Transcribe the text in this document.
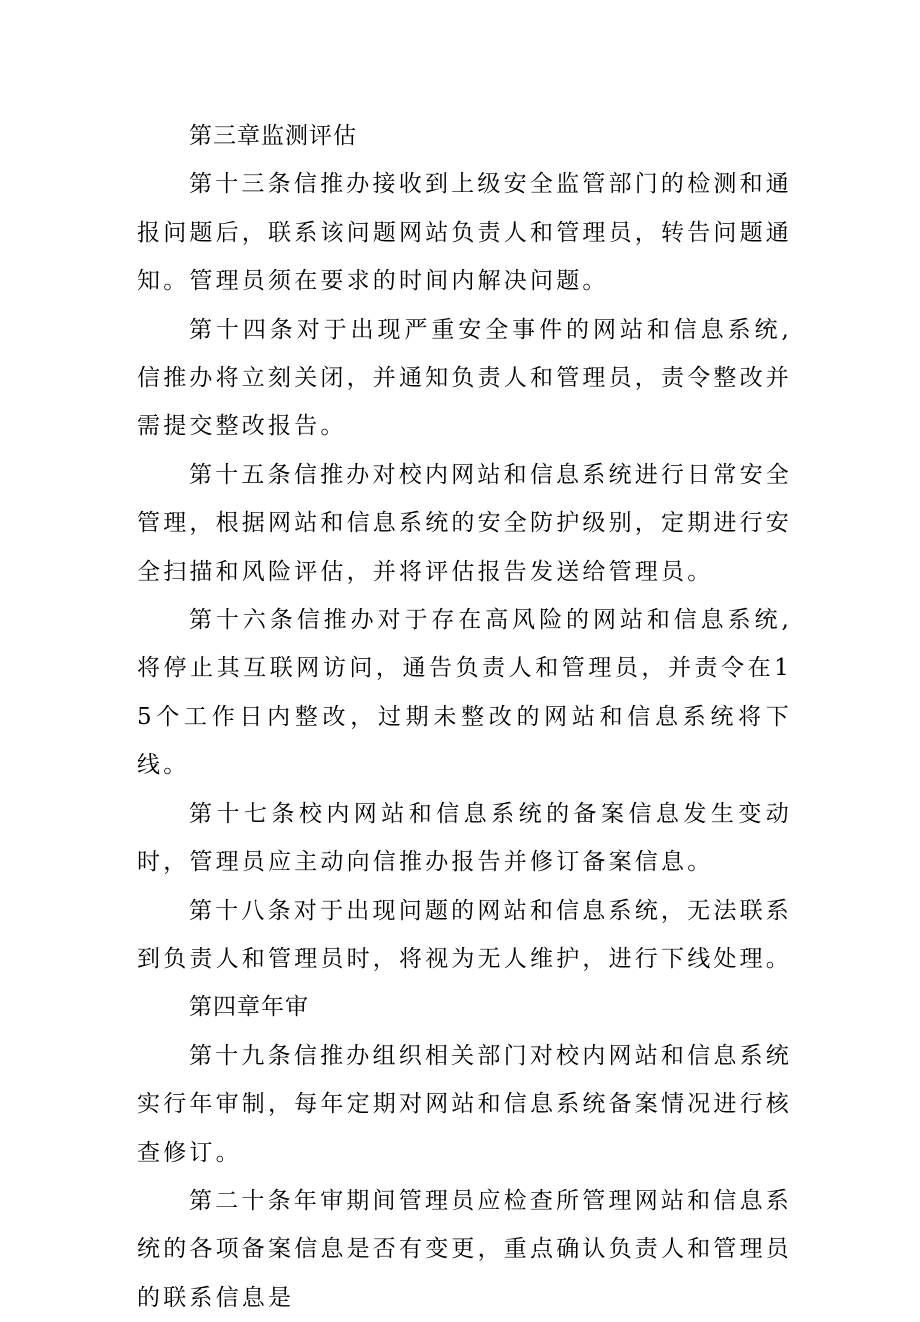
第三章监测评估

第十三条信推办接收到上级安全监管部门的检测和通报问题后，联系该问题网站负责人和管理员，转告问题通知。管理员须在要求的时间内解决问题。

第十四条对于出现严重安全事件的网站和信息系统,信推办将立刻关闭，并通知负责人和管理员，责令整改并需提交整改报告。

第十五条信推办对校内网站和信息系统进行日常安全管理，根据网站和信息系统的安全防护级别，定期进行安全扫描和风险评估，并将评估报告发送给管理员。

第十六条信推办对于存在高风险的网站和信息系统,将停止其互联网访问，通告负责人和管理员，并责令在15个工作日内整改，过期未整改的网站和信息系统将下线。

第十七条校内网站和信息系统的备案信息发生变动时，管理员应主动向信推办报告并修订备案信息。

第十八条对于出现问题的网站和信息系统，无法联系到负责人和管理员时，将视为无人维护，进行下线处理。

第四章年审

第十九条信推办组织相关部门对校内网站和信息系统实行年审制，每年定期对网站和信息系统备案情况进行核查修订。

第二十条年审期间管理员应检查所管理网站和信息系统的各项备案信息是否有变更，重点确认负责人和管理员的联系信息是
